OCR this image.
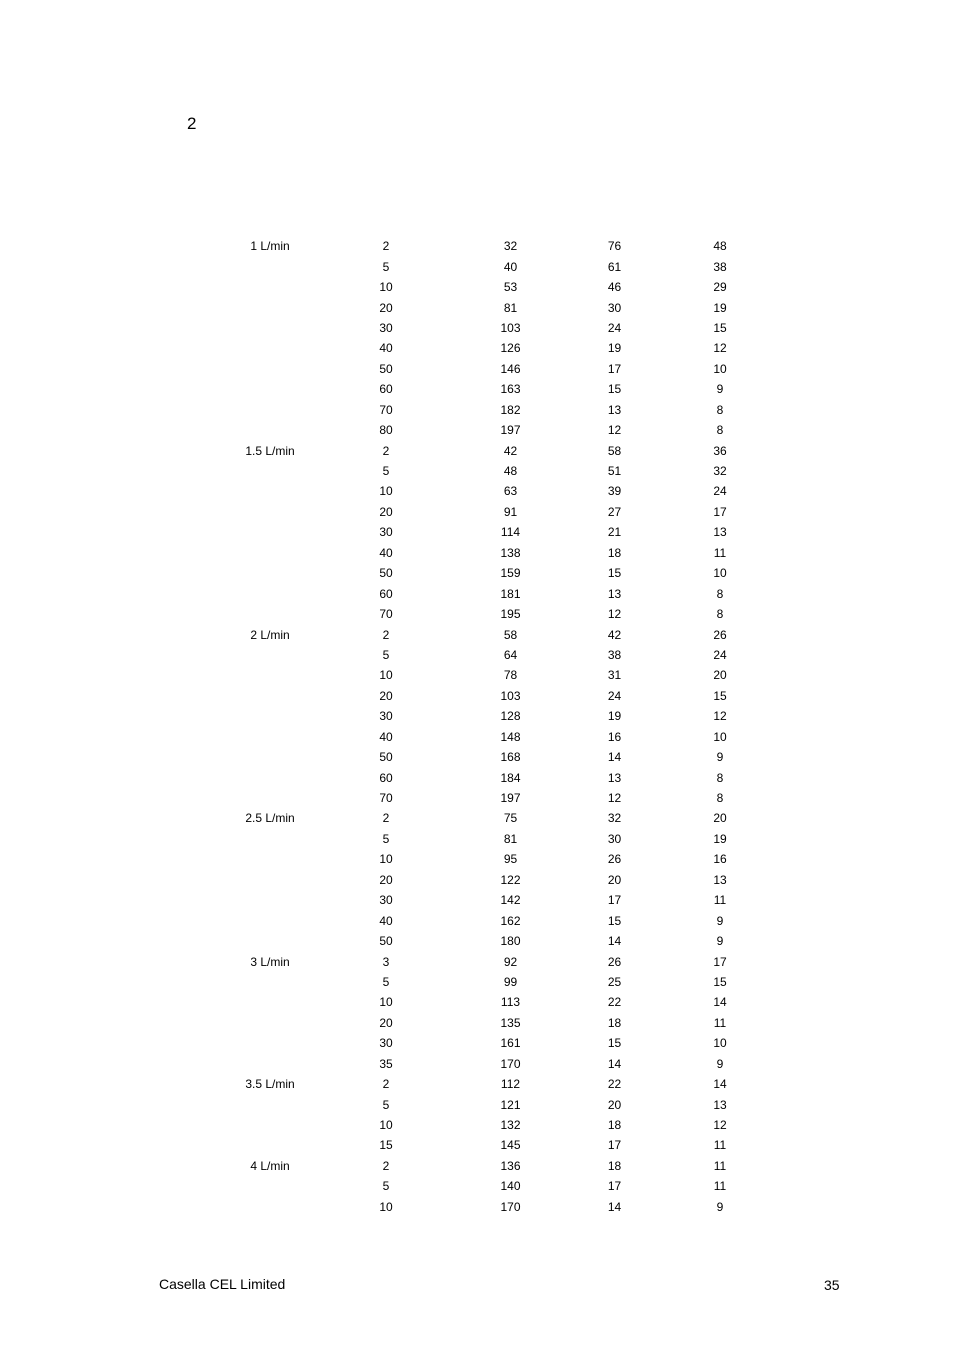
2
1 L/min	2	32	76	48
	5	40	61	38
	10	53	46	29
	20	81	30	19
	30	103	24	15
	40	126	19	12
	50	146	17	10
	60	163	15	9
	70	182	13	8
	80	197	12	8
1.5 L/min	2	42	58	36
	5	48	51	32
	10	63	39	24
	20	91	27	17
	30	114	21	13
	40	138	18	11
	50	159	15	10
	60	181	13	8
	70	195	12	8
2 L/min	2	58	42	26
	5	64	38	24
	10	78	31	20
	20	103	24	15
	30	128	19	12
	40	148	16	10
	50	168	14	9
	60	184	13	8
	70	197	12	8
2.5 L/min	2	75	32	20
	5	81	30	19
	10	95	26	16
	20	122	20	13
	30	142	17	11
	40	162	15	9
	50	180	14	9
3 L/min	3	92	26	17
	5	99	25	15
	10	113	22	14
	20	135	18	11
	30	161	15	10
	35	170	14	9
3.5 L/min	2	112	22	14
	5	121	20	13
	10	132	18	12
	15	145	17	11
4 L/min	2	136	18	11
	5	140	17	11
	10	170	14	9
Casella CEL Limited	35
